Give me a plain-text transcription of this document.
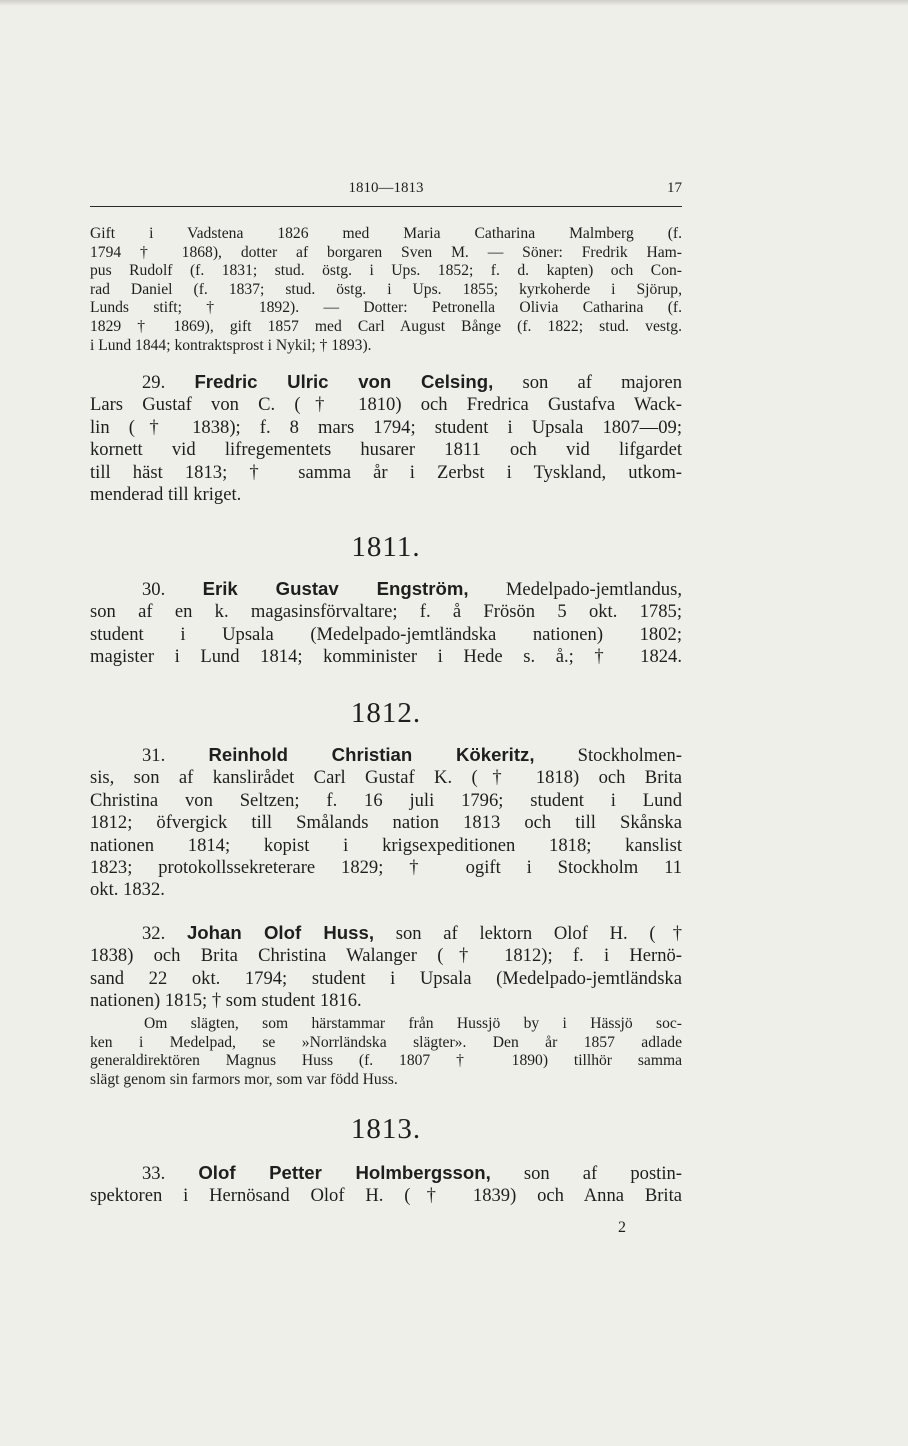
1810—1813	17
Gift i Vadstena 1826 med Maria Catharina Malmberg (f.
1794 † 1868), dotter af borgaren Sven M. — Söner: Fredrik Ham-
pus Rudolf (f. 1831; stud. östg. i Ups. 1852; f. d. kapten) och Con-
rad Daniel (f. 1837; stud. östg. i Ups. 1855; kyrkoherde i Sjörup,
Lunds stift; † 1892). — Dotter: Petronella Olivia Catharina (f.
1829 † 1869), gift 1857 med Carl August Bånge (f. 1822; stud. vestg.
i Lund 1844; kontraktsprost i Nykil; † 1893).
29. Fredric Ulric von Celsing, son af majoren
Lars Gustaf von C. († 1810) och Fredrica Gustafva Wack-
lin († 1838); f. 8 mars 1794; student i Upsala 1807—09;
kornett vid lifregementets husarer 1811 och vid lifgardet
till häst 1813; † samma år i Zerbst i Tyskland, utkom-
menderad till kriget.
1811.
30. Erik Gustav Engström, Medelpado-jemtlandus,
son af en k. magasinsförvaltare; f. å Frösön 5 okt. 1785;
student i Upsala (Medelpado-jemtländska nationen) 1802;
magister i Lund 1814; komminister i Hede s. å.; † 1824.
1812.
31. Reinhold Christian Kökeritz, Stockholmen-
sis, son af kanslirådet Carl Gustaf K. († 1818) och Brita
Christina von Seltzen; f. 16 juli 1796; student i Lund
1812; öfvergick till Smålands nation 1813 och till Skånska
nationen 1814; kopist i krigsexpeditionen 1818; kanslist
1823; protokollssekreterare 1829; † ogift i Stockholm 11
okt. 1832.
32. Johan Olof Huss, son af lektorn Olof H. (†
1838) och Brita Christina Walanger († 1812); f. i Hernö-
sand 22 okt. 1794; student i Upsala (Medelpado-jemtländska
nationen) 1815; † som student 1816.
Om slägten, som härstammar från Hussjö by i Hässjö soc-
ken i Medelpad, se »Norrländska slägter». Den år 1857 adlade
generaldirektören Magnus Huss (f. 1807 † 1890) tillhör samma
slägt genom sin farmors mor, som var född Huss.
1813.
33. Olof Petter Holmbergsson, son af postin-
spektoren i Hernösand Olof H. († 1839) och Anna Brita
2
